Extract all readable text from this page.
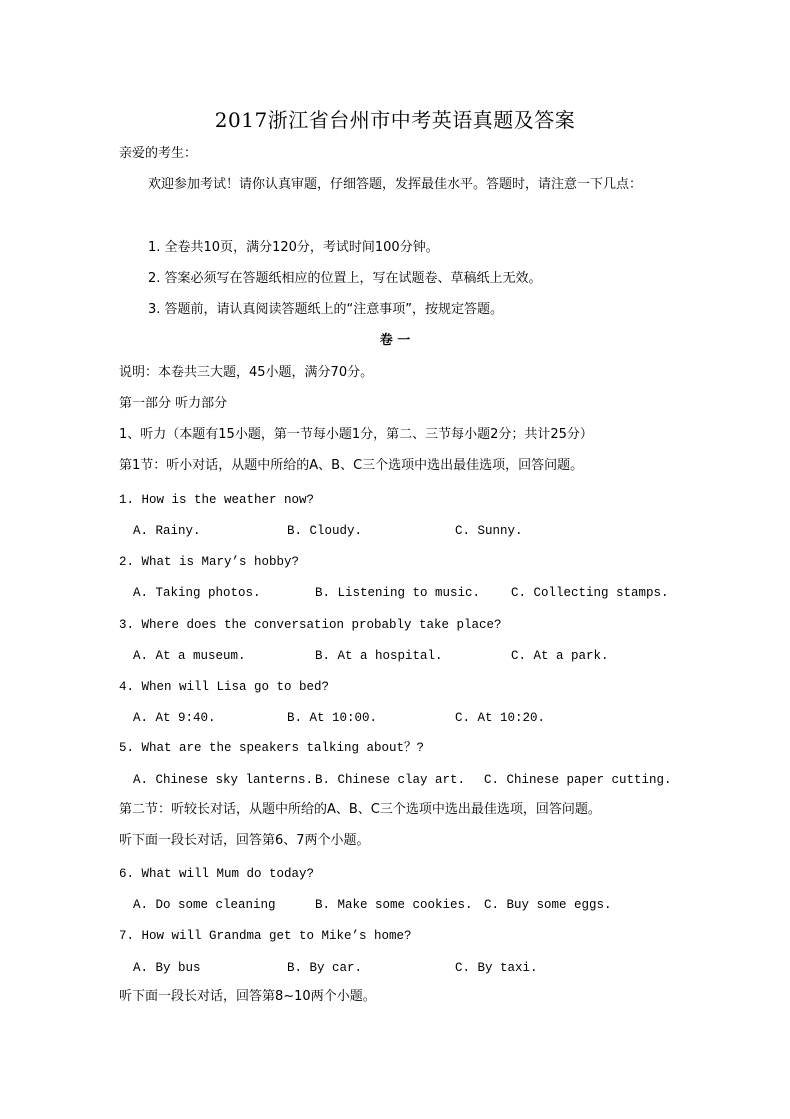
2017浙江省台州市中考英语真题及答案
亲爱的考生：
欢迎参加考试！请你认真审题，仔细答题，发挥最佳水平。答题时，请注意一下几点：
1. 全卷共10页，满分120分，考试时间100分钟。
2. 答案必须写在答题纸相应的位置上，写在试题卷、草稿纸上无效。
3. 答题前，请认真阅读答题纸上的“注意事项”，按规定答题。
卷 一
说明：本卷共三大题，45小题，满分70分。
第一部分 听力部分
1、听力（本题有15小题，第一节每小题1分，第二、三节每小题2分；共计25分）
第1节：听小对话，从题中所给的A、B、C三个选项中选出最佳选项，回答问题。
1. How is the weather now?
A. Rainy.	B. Cloudy.	C. Sunny.
2. What is Mary’s hobby?
A. Taking photos.	B. Listening to music. C. Collecting stamps.
3. Where does the conversation probably take place?
A. At a museum.	B. At a hospital.	C. At a park.
4. When will Lisa go to bed?
A. At 9:40.	B. At 10:00.	C. At 10:20.
5. What are the speakers talking about？?
A. Chinese sky lanterns. B. Chinese clay art. C. Chinese paper cutting.
第二节：听较长对话，从题中所给的A、B、C三个选项中选出最佳选项，回答问题。
听下面一段长对话，回答第6、7两个小题。
6. What will Mum do today?
A. Do some cleaning	B. Make some cookies. C. Buy some eggs.
7. How will Grandma get to Mike’s home?
A. By bus	B. By car.	C. By taxi.
听下面一段长对话，回答第8~10两个小题。
